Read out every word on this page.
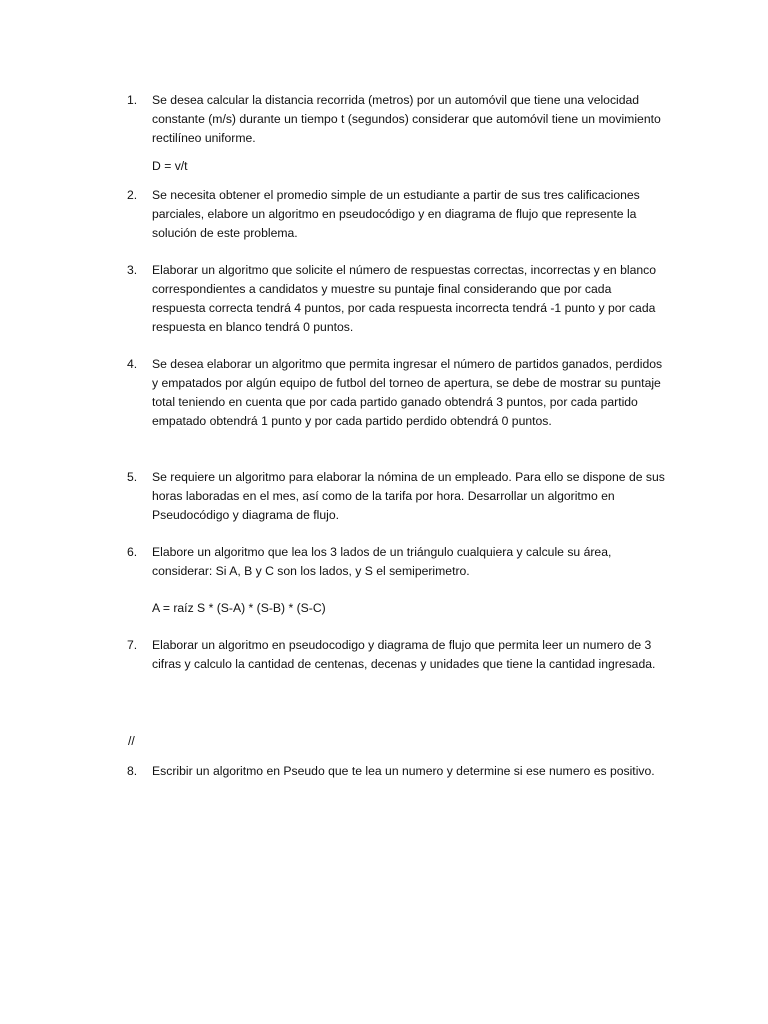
1.	Se desea calcular la distancia recorrida (metros) por un automóvil que tiene una velocidad constante (m/s) durante un tiempo t (segundos) considerar que automóvil tiene un movimiento rectilíneo uniforme.
D = v/t
2.	Se necesita obtener el promedio simple de un estudiante a partir de sus tres calificaciones parciales, elabore un algoritmo en pseudocódigo y en diagrama de flujo que represente la solución de este problema.
3.	Elaborar un algoritmo que solicite el número de respuestas correctas, incorrectas y en blanco correspondientes a candidatos y muestre su puntaje final considerando que por cada respuesta correcta tendrá 4 puntos, por cada respuesta incorrecta tendrá -1 punto y por cada respuesta en blanco tendrá 0 puntos.
4.	Se desea elaborar un algoritmo que permita ingresar el número de partidos ganados, perdidos y empatados por algún equipo de futbol del torneo de apertura, se debe de mostrar su puntaje total teniendo en cuenta que por cada partido ganado obtendrá 3 puntos, por cada partido empatado obtendrá 1 punto y por cada partido perdido obtendrá 0 puntos.
5.	Se requiere un algoritmo para elaborar la nómina de un empleado. Para ello se dispone de sus horas laboradas en el mes, así como de la tarifa por hora. Desarrollar un algoritmo en Pseudocódigo y diagrama de flujo.
6.	Elabore un algoritmo que lea los 3 lados de un triángulo cualquiera y calcule su área, considerar: Si A, B y C son los lados, y S el semiperimetro.
A = raíz S * (S-A) * (S-B) * (S-C)
7.	Elaborar un algoritmo en pseudocodigo y diagrama de flujo que permita leer un numero de 3 cifras y calculo la cantidad de centenas, decenas y unidades que tiene la cantidad ingresada.
//
8.	Escribir un algoritmo en Pseudo que te lea un numero y determine si ese numero es positivo.
